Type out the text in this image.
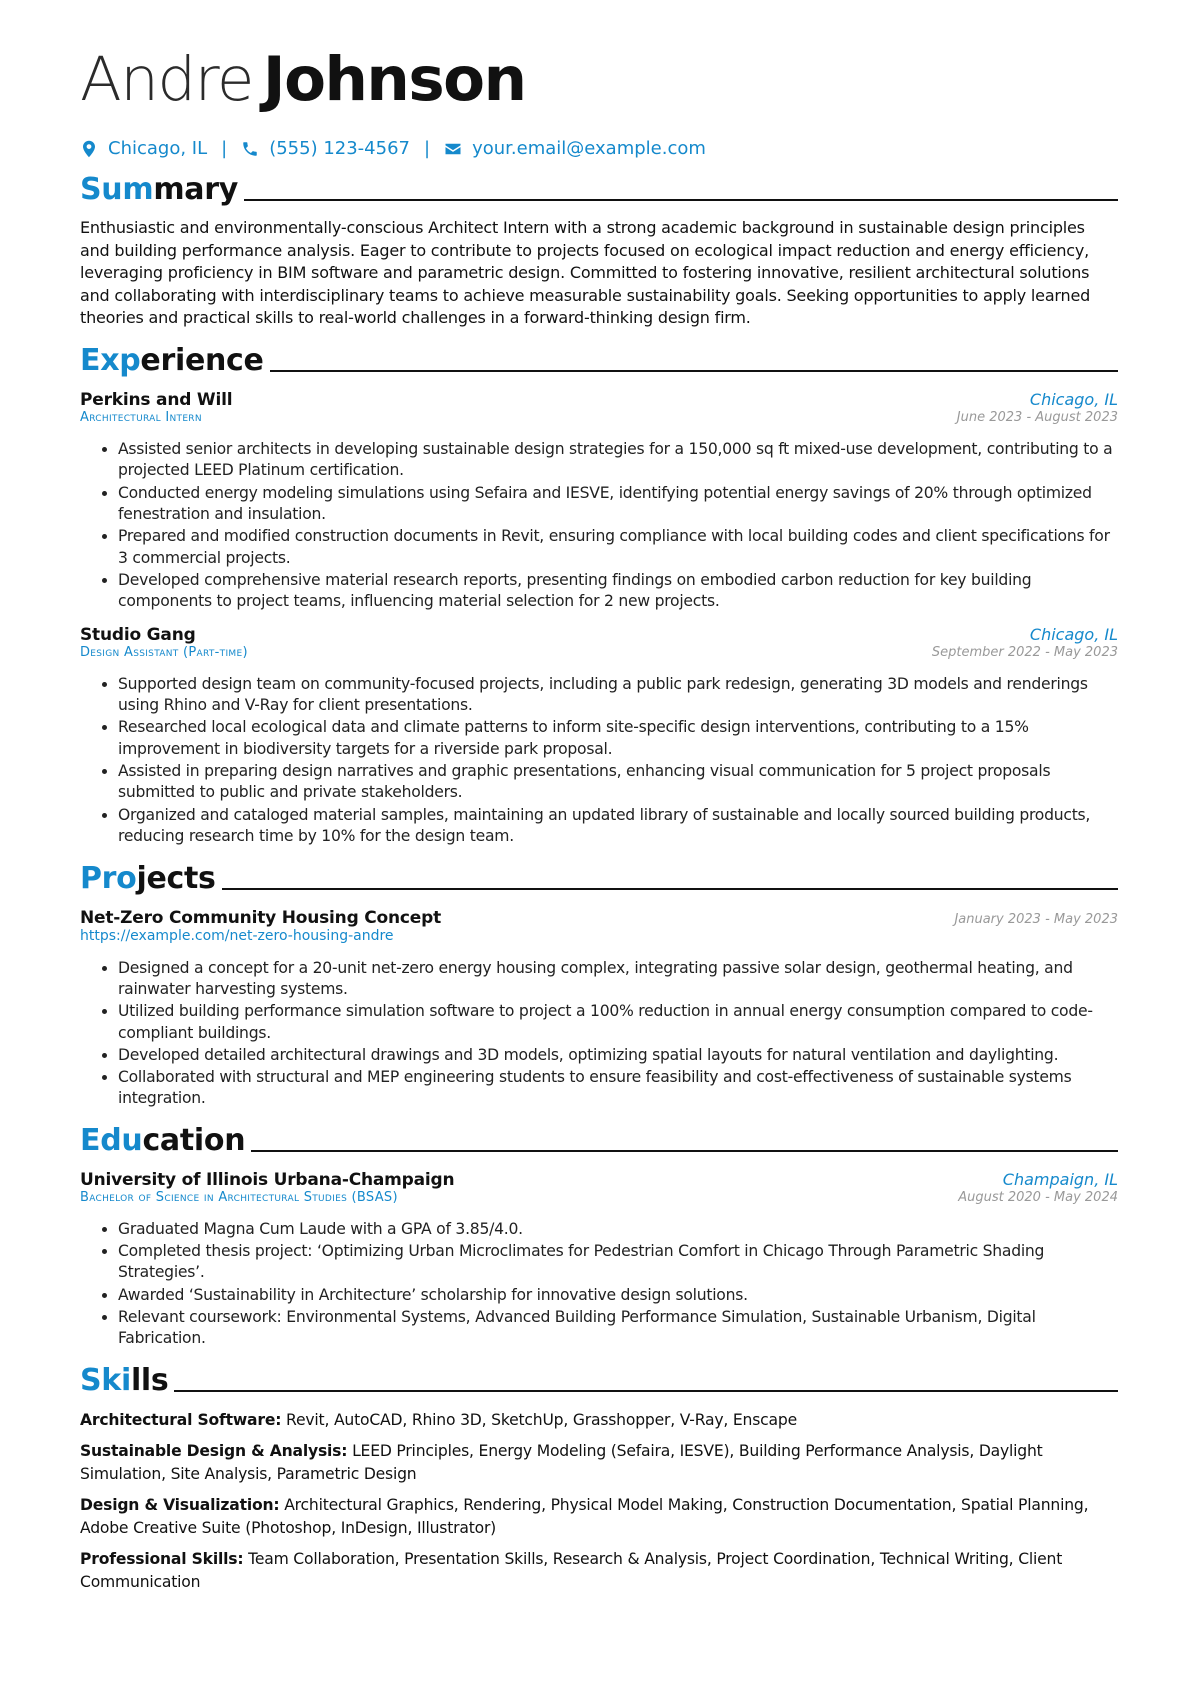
Andre Johnson
Chicago, IL | (555) 123-4567 | your.email@example.com
Summary
Enthusiastic and environmentally-conscious Architect Intern with a strong academic background in sustainable design principles and building performance analysis. Eager to contribute to projects focused on ecological impact reduction and energy efficiency, leveraging proficiency in BIM software and parametric design. Committed to fostering innovative, resilient architectural solutions and collaborating with interdisciplinary teams to achieve measurable sustainability goals. Seeking opportunities to apply learned theories and practical skills to real-world challenges in a forward-thinking design firm.
Experience
Perkins and Will	Chicago, IL
Architectural Intern	June 2023 - August 2023
• Assisted senior architects in developing sustainable design strategies for a 150,000 sq ft mixed-use development, contributing to a projected LEED Platinum certification.
• Conducted energy modeling simulations using Sefaira and IESVE, identifying potential energy savings of 20% through optimized fenestration and insulation.
• Prepared and modified construction documents in Revit, ensuring compliance with local building codes and client specifications for 3 commercial projects.
• Developed comprehensive material research reports, presenting findings on embodied carbon reduction for key building components to project teams, influencing material selection for 2 new projects.
Studio Gang	Chicago, IL
Design Assistant (Part-time)	September 2022 - May 2023
• Supported design team on community-focused projects, including a public park redesign, generating 3D models and renderings using Rhino and V-Ray for client presentations.
• Researched local ecological data and climate patterns to inform site-specific design interventions, contributing to a 15% improvement in biodiversity targets for a riverside park proposal.
• Assisted in preparing design narratives and graphic presentations, enhancing visual communication for 5 project proposals submitted to public and private stakeholders.
• Organized and cataloged material samples, maintaining an updated library of sustainable and locally sourced building products, reducing research time by 10% for the design team.
Projects
Net-Zero Community Housing Concept	January 2023 - May 2023
https://example.com/net-zero-housing-andre
• Designed a concept for a 20-unit net-zero energy housing complex, integrating passive solar design, geothermal heating, and rainwater harvesting systems.
• Utilized building performance simulation software to project a 100% reduction in annual energy consumption compared to code-compliant buildings.
• Developed detailed architectural drawings and 3D models, optimizing spatial layouts for natural ventilation and daylighting.
• Collaborated with structural and MEP engineering students to ensure feasibility and cost-effectiveness of sustainable systems integration.
Education
University of Illinois Urbana-Champaign	Champaign, IL
Bachelor of Science in Architectural Studies (BSAS)	August 2020 - May 2024
• Graduated Magna Cum Laude with a GPA of 3.85/4.0.
• Completed thesis project: ‘Optimizing Urban Microclimates for Pedestrian Comfort in Chicago Through Parametric Shading Strategies’.
• Awarded ‘Sustainability in Architecture’ scholarship for innovative design solutions.
• Relevant coursework: Environmental Systems, Advanced Building Performance Simulation, Sustainable Urbanism, Digital Fabrication.
Skills
Architectural Software: Revit, AutoCAD, Rhino 3D, SketchUp, Grasshopper, V-Ray, Enscape
Sustainable Design & Analysis: LEED Principles, Energy Modeling (Sefaira, IESVE), Building Performance Analysis, Daylight Simulation, Site Analysis, Parametric Design
Design & Visualization: Architectural Graphics, Rendering, Physical Model Making, Construction Documentation, Spatial Planning, Adobe Creative Suite (Photoshop, InDesign, Illustrator)
Professional Skills: Team Collaboration, Presentation Skills, Research & Analysis, Project Coordination, Technical Writing, Client Communication
